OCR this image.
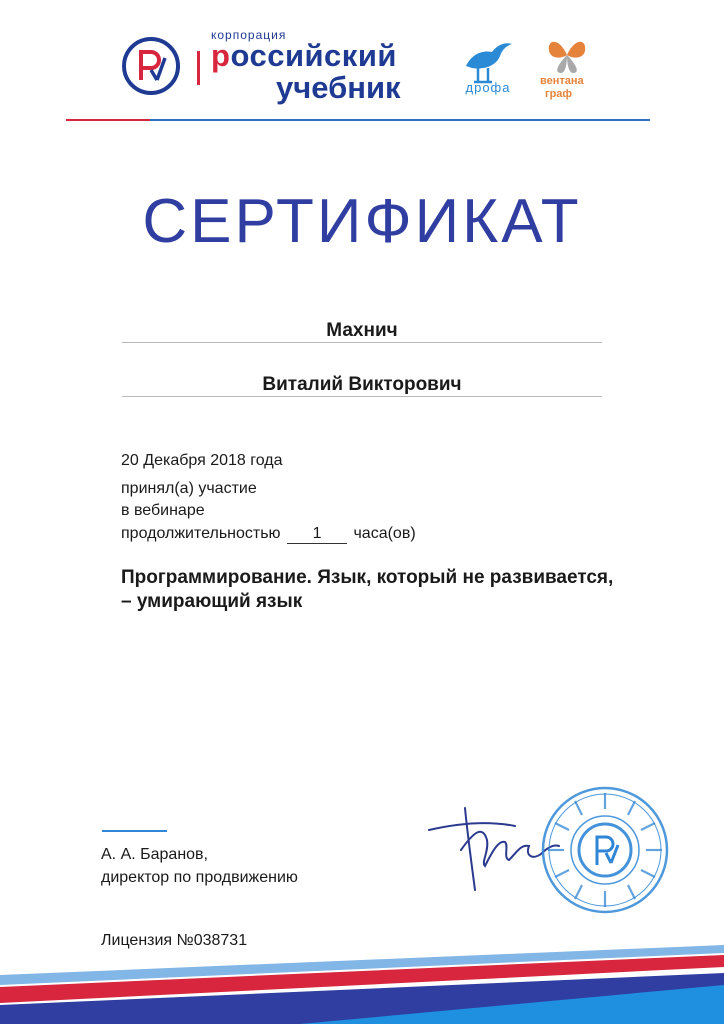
корпорация
российский
учебник	дрофа	вентана
граф
СЕРТИФИКАТ
Махнич
Виталий Викторович
20 Декабря 2018 года
принял(а) участие
в вебинаре
продолжительностью 1 часа(ов)
Программирование. Язык, который не развивается,
– умирающий язык
А. А. Баранов,
директор по продвижению
Лицензия №038731
